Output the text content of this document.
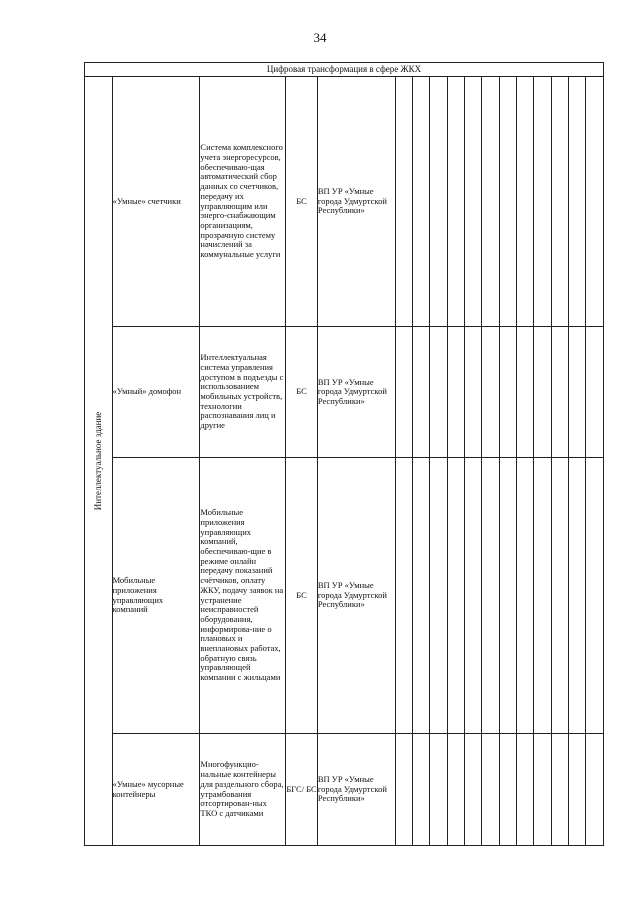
34
Цифровая трансформация в сфере ЖКХ																

Интеллектуальное здание	«Умные» счетчики	Система комплексного учета энергоресурсов, обеспечиваю-щая автоматический сбор данных со счетчиков, передачу их управляющим или энерго-снабжающим организациям, прозрачную систему начислений за коммунальные услуги	БС	ВП УР «Умные города Удмуртской Республики»												
	«Умный» домофон	Интеллектуальная система управления доступом в подъезды с использованием мобильных устройств, технологии распознавания лиц и другие	БС	ВП УР «Умные города Удмуртской Республики»												
	Мобильные приложения управляющих компаний	Мобильные приложения управляющих компаний, обеспечиваю-щие в режиме онлайн передачу показаний счётчиков, оплату ЖКУ, подачу заявок на устранение неисправностей оборудования, информирова-ние о плановых и внеплановых работах, обратную связь управляющей компании с жильцами	БС	ВП УР «Умные города Удмуртской Республики»												
	«Умные» мусорные контейнеры	Многофункцио-нальные контейнеры для раздельного сбора, утрамбования отсортирован-ных ТКО с датчиками	БГС/ БС	ВП УР «Умные города Удмуртской Республики»												
